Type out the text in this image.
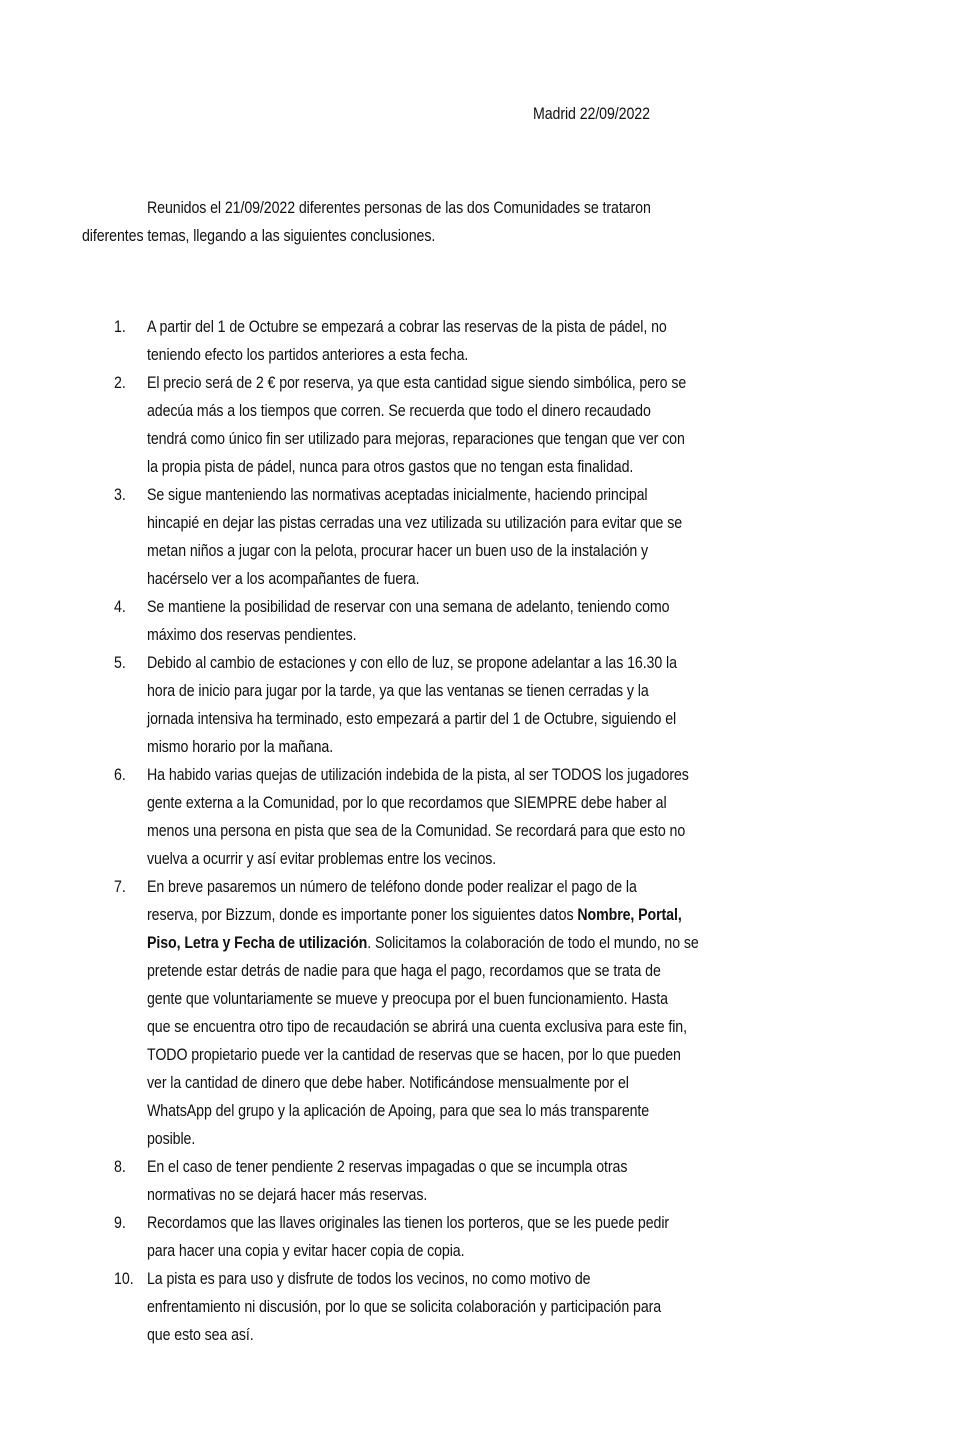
Madrid 22/09/2022
Reunidos el 21/09/2022 diferentes personas de las dos Comunidades se trataron
diferentes temas, llegando a las siguientes conclusiones.
1. A partir del 1 de Octubre se empezará a cobrar las reservas de la pista de pádel, no
teniendo efecto los partidos anteriores a esta fecha.
2. El precio será de 2 € por reserva, ya que esta cantidad sigue siendo simbólica, pero se
adecúa más a los tiempos que corren. Se recuerda que todo el dinero recaudado
tendrá como único fin ser utilizado para mejoras, reparaciones que tengan que ver con
la propia pista de pádel, nunca para otros gastos que no tengan esta finalidad.
3. Se sigue manteniendo las normativas aceptadas inicialmente, haciendo principal
hincapié en dejar las pistas cerradas una vez utilizada su utilización para evitar que se
metan niños a jugar con la pelota, procurar hacer un buen uso de la instalación y
hacérselo ver a los acompañantes de fuera.
4. Se mantiene la posibilidad de reservar con una semana de adelanto, teniendo como
máximo dos reservas pendientes.
5. Debido al cambio de estaciones y con ello de luz, se propone adelantar a las 16.30 la
hora de inicio para jugar por la tarde, ya que las ventanas se tienen cerradas y la
jornada intensiva ha terminado, esto empezará a partir del 1 de Octubre, siguiendo el
mismo horario por la mañana.
6. Ha habido varias quejas de utilización indebida de la pista, al ser TODOS los jugadores
gente externa a la Comunidad, por lo que recordamos que SIEMPRE debe haber al
menos una persona en pista que sea de la Comunidad. Se recordará para que esto no
vuelva a ocurrir y así evitar problemas entre los vecinos.
7. En breve pasaremos un número de teléfono donde poder realizar el pago de la
reserva, por Bizzum, donde es importante poner los siguientes datos Nombre, Portal,
Piso, Letra y Fecha de utilización. Solicitamos la colaboración de todo el mundo, no se
pretende estar detrás de nadie para que haga el pago, recordamos que se trata de
gente que voluntariamente se mueve y preocupa por el buen funcionamiento. Hasta
que se encuentra otro tipo de recaudación se abrirá una cuenta exclusiva para este fin,
TODO propietario puede ver la cantidad de reservas que se hacen, por lo que pueden
ver la cantidad de dinero que debe haber. Notificándose mensualmente por el
WhatsApp del grupo y la aplicación de Apoing, para que sea lo más transparente
posible.
8. En el caso de tener pendiente 2 reservas impagadas o que se incumpla otras
normativas no se dejará hacer más reservas.
9. Recordamos que las llaves originales las tienen los porteros, que se les puede pedir
para hacer una copia y evitar hacer copia de copia.
10. La pista es para uso y disfrute de todos los vecinos, no como motivo de
enfrentamiento ni discusión, por lo que se solicita colaboración y participación para
que esto sea así.
